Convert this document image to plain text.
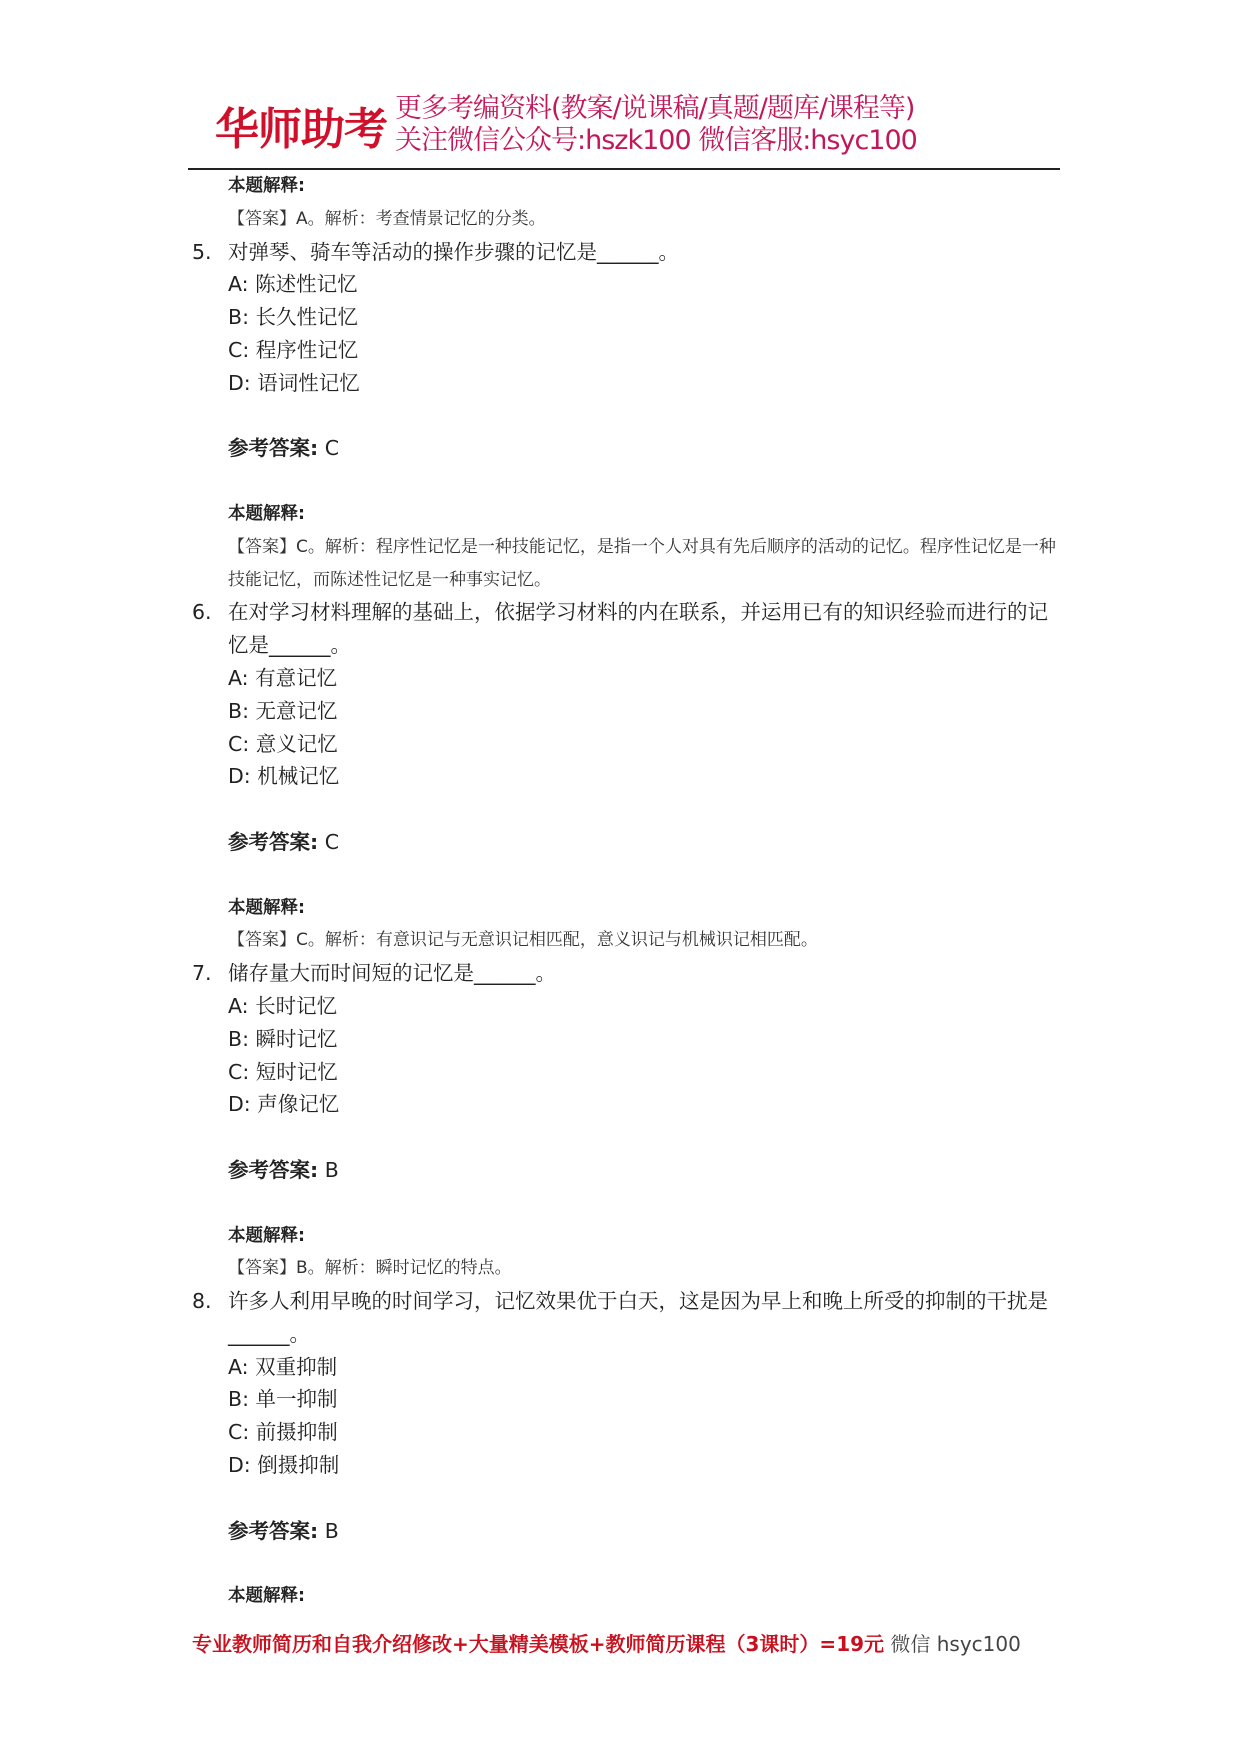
华师助考 更多考编资料(教案/说课稿/真题/题库/课程等)
关注微信公众号:hszk100 微信客服:hsyc100
本题解释:
【答案】A。解析：考查情景记忆的分类。
5. 对弹琴、骑车等活动的操作步骤的记忆是______。
A: 陈述性记忆
B: 长久性记忆
C: 程序性记忆
D: 语词性记忆
参考答案: C
本题解释:
【答案】C。解析：程序性记忆是一种技能记忆，是指一个人对具有先后顺序的活动的记忆。程序性记忆是一种技能记忆，而陈述性记忆是一种事实记忆。
6. 在对学习材料理解的基础上，依据学习材料的内在联系，并运用已有的知识经验而进行的记忆是______。
A: 有意记忆
B: 无意记忆
C: 意义记忆
D: 机械记忆
参考答案: C
本题解释:
【答案】C。解析：有意识记与无意识记相匹配，意义识记与机械识记相匹配。
7. 储存量大而时间短的记忆是______。
A: 长时记忆
B: 瞬时记忆
C: 短时记忆
D: 声像记忆
参考答案: B
本题解释:
【答案】B。解析：瞬时记忆的特点。
8. 许多人利用早晚的时间学习，记忆效果优于白天，这是因为早上和晚上所受的抑制的干扰是______。
A: 双重抑制
B: 单一抑制
C: 前摄抑制
D: 倒摄抑制
参考答案: B
本题解释:
专业教师简历和自我介绍修改+大量精美模板+教师简历课程（3课时）=19元 微信 hsyc100
